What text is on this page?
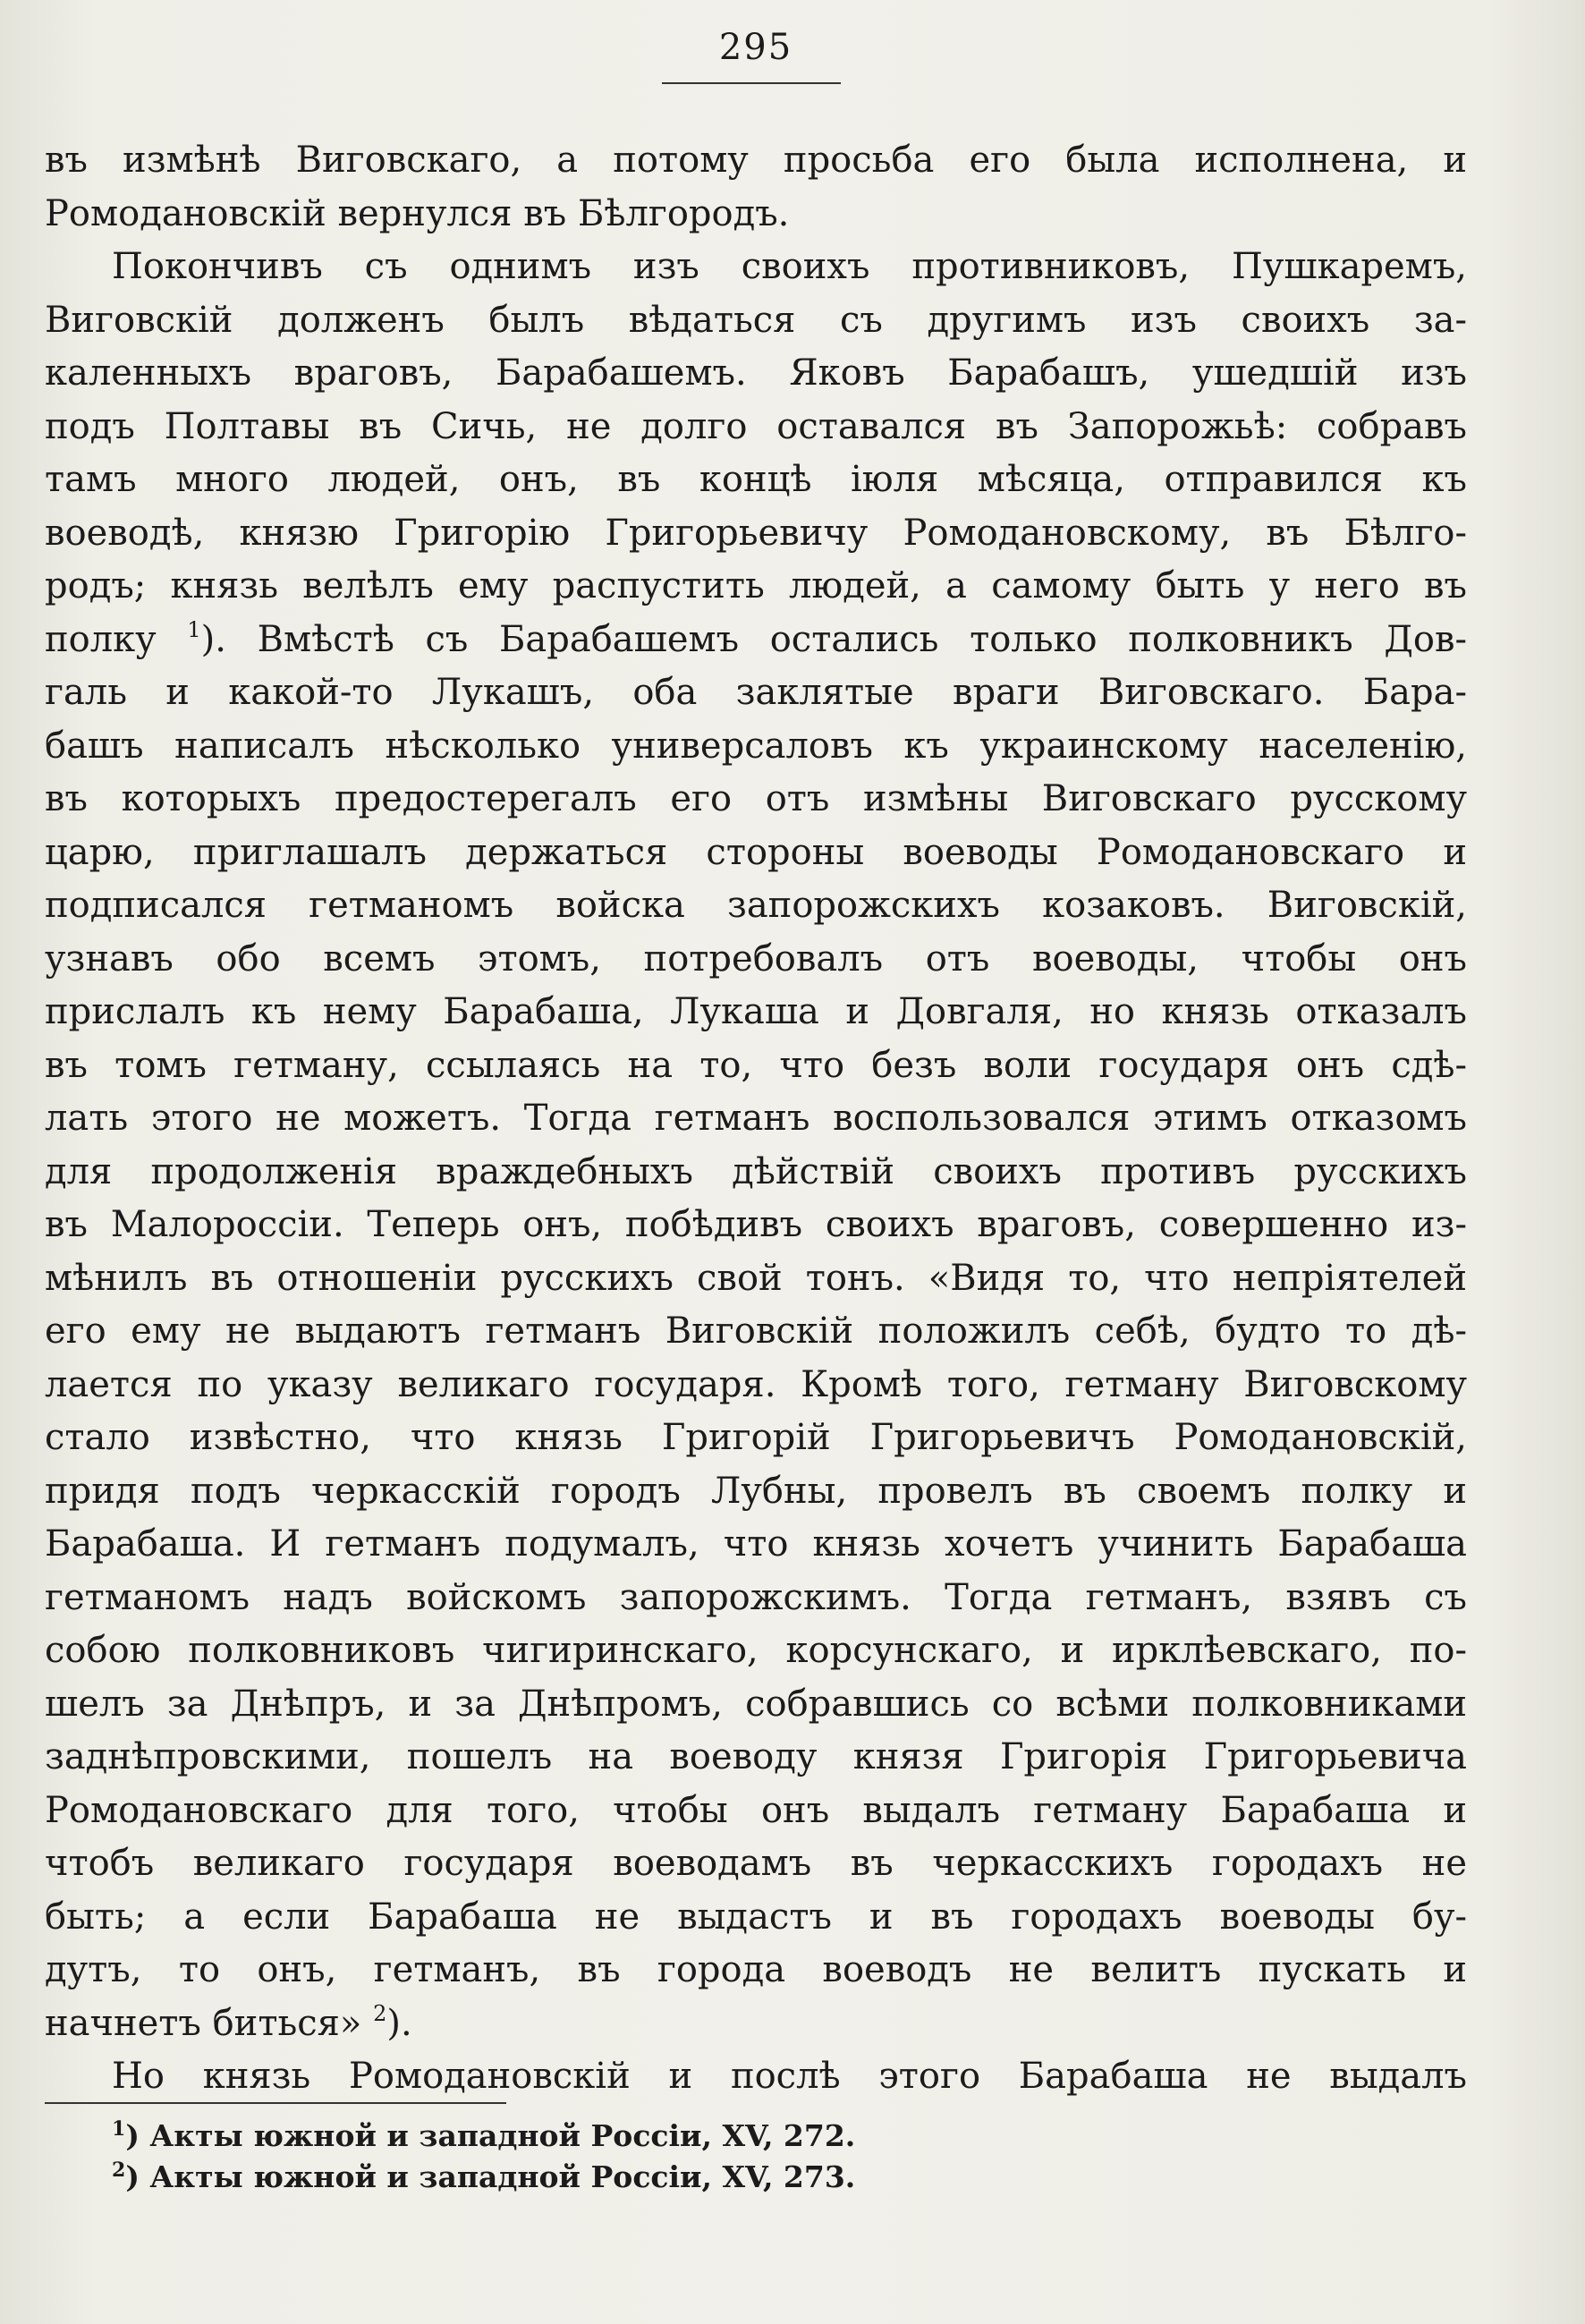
295
въ измѣнѣ Виговскаго, а потому просьба его была исполнена, и
Ромодановскій вернулся въ Бѣлгородъ.
Покончивъ съ однимъ изъ своихъ противниковъ, Пушкаремъ,
Виговскій долженъ былъ вѣдаться съ другимъ изъ своихъ за-
каленныхъ враговъ, Барабашемъ. Яковъ Барабашъ, ушедшій изъ
подъ Полтавы въ Сичь, не долго оставался въ Запорожьѣ: собравъ
тамъ много людей, онъ, въ концѣ іюля мѣсяца, отправился къ
воеводѣ, князю Григорію Григорьевичу Ромодановскому, въ Бѣлго-
родъ; князь велѣлъ ему распустить людей, а самому быть у него въ
полку $^1$). Вмѣстѣ съ Барабашемъ остались только полковникъ Дов-
галь и какой-то Лукашъ, оба заклятые враги Виговскаго. Бара-
башъ написалъ нѣсколько универсаловъ къ украинскому населенію,
въ которыхъ предостерегалъ его отъ измѣны Виговскаго русскому
царю, приглашалъ держаться стороны воеводы Ромодановскаго и
подписался гетманомъ войска запорожскихъ козаковъ. Виговскій,
узнавъ обо всемъ этомъ, потребовалъ отъ воеводы, чтобы онъ
прислалъ къ нему Барабаша, Лукаша и Довгаля, но князь отказалъ
въ томъ гетману, ссылаясь на то, что безъ воли государя онъ сдѣ-
лать этого не можетъ. Тогда гетманъ воспользовался этимъ отказомъ
для продолженія враждебныхъ дѣйствій своихъ противъ русскихъ
въ Малороссіи. Теперь онъ, побѣдивъ своихъ враговъ, совершенно из-
мѣнилъ въ отношеніи русскихъ свой тонъ. «Видя то, что непріятелей
его ему не выдаютъ гетманъ Виговскій положилъ себѣ, будто то дѣ-
лается по указу великаго государя. Кромѣ того, гетману Виговскому
стало извѣстно, что князь Григорій Григорьевичъ Ромодановскій,
придя подъ черкасскій городъ Лубны, провелъ въ своемъ полку и
Барабаша. И гетманъ подумалъ, что князь хочетъ учинить Барабаша
гетманомъ надъ войскомъ запорожскимъ. Тогда гетманъ, взявъ съ
собою полковниковъ чигиринскаго, корсунскаго, и ирклѣевскаго, по-
шелъ за Днѣпръ, и за Днѣпромъ, собравшись со всѣми полковниками
заднѣпровскими, пошелъ на воеводу князя Григорія Григорьевича
Ромодановскаго для того, чтобы онъ выдалъ гетману Барабаша и
чтобъ великаго государя воеводамъ въ черкасскихъ городахъ не
быть; а если Барабаша не выдастъ и въ городахъ воеводы бу-
дутъ, то онъ, гетманъ, въ города воеводъ не велитъ пускать и
начнетъ биться» $^2$).
Но князь Ромодановскій и послѣ этого Барабаша не выдалъ
$^1$) Акты южной и западной Россіи, XV, 272.
$^2$) Акты южной и западной Россіи, XV, 273.
